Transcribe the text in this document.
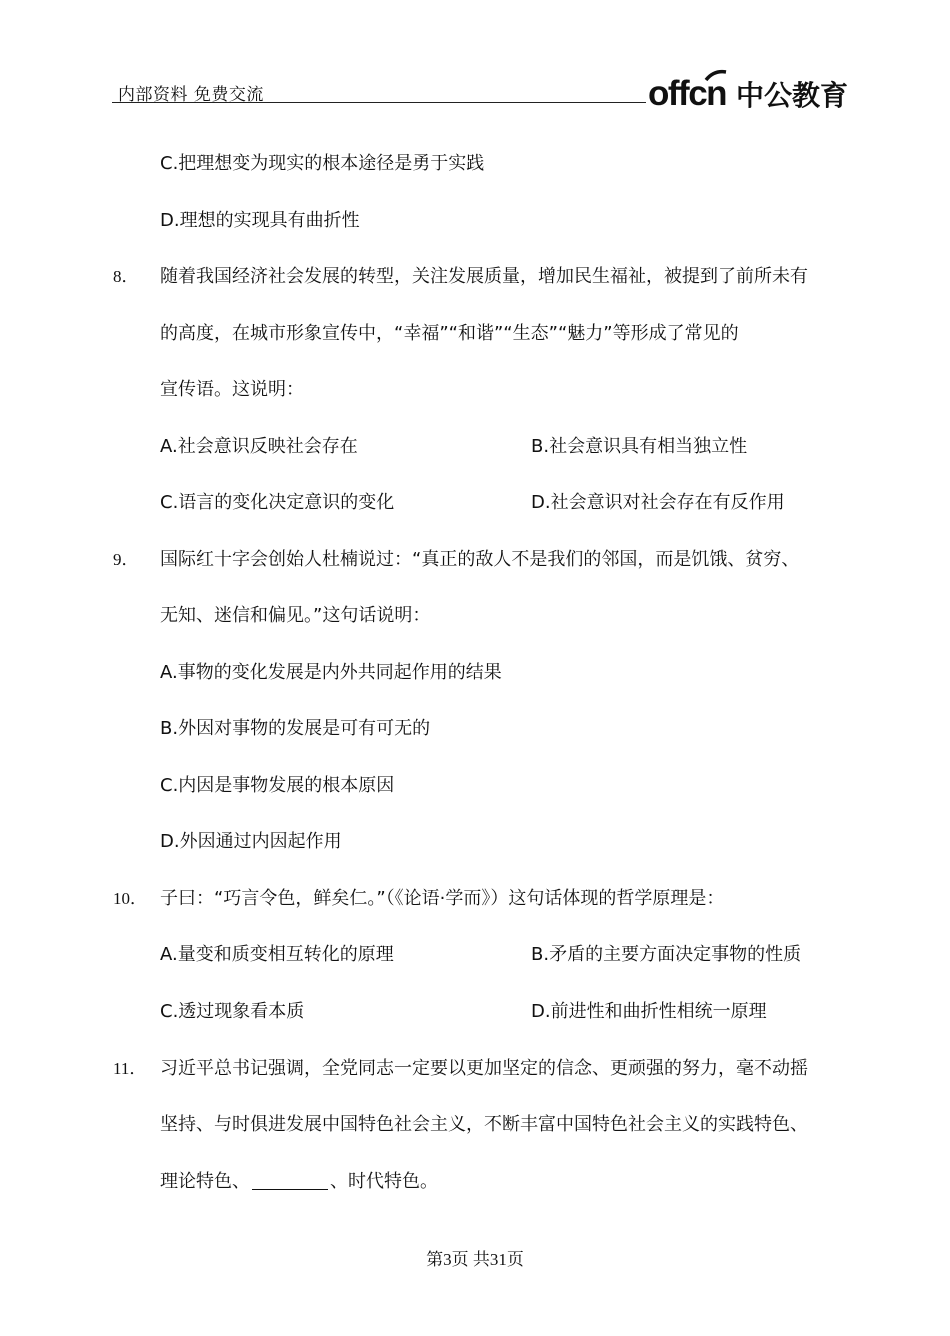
内部资料 免费交流	offcn 中公教育
C.把理想变为现实的根本途径是勇于实践
D.理想的实现具有曲折性
8． 随着我国经济社会发展的转型，关注发展质量，增加民生福祉，被提到了前所未有
的高度，在城市形象宣传中，“幸福”“和谐”“生态”“魅力”等形成了常见的
宣传语。这说明：
A.社会意识反映社会存在	B.社会意识具有相当独立性
C.语言的变化决定意识的变化	D.社会意识对社会存在有反作用
9． 国际红十字会创始人杜楠说过：“真正的敌人不是我们的邻国，而是饥饿、贫穷、
无知、迷信和偏见。”这句话说明：
A.事物的变化发展是内外共同起作用的结果
B.外因对事物的发展是可有可无的
C.内因是事物发展的根本原因
D.外因通过内因起作用
10． 子曰：“巧言令色，鲜矣仁。”（《论语·学而》）这句话体现的哲学原理是：
A.量变和质变相互转化的原理	B.矛盾的主要方面决定事物的性质
C.透过现象看本质	D.前进性和曲折性相统一原理
11． 习近平总书记强调，全党同志一定要以更加坚定的信念、更顽强的努力，毫不动摇
坚持、与时俱进发展中国特色社会主义，不断丰富中国特色社会主义的实践特色、
理论特色、	、时代特色。
第3页 共31页
